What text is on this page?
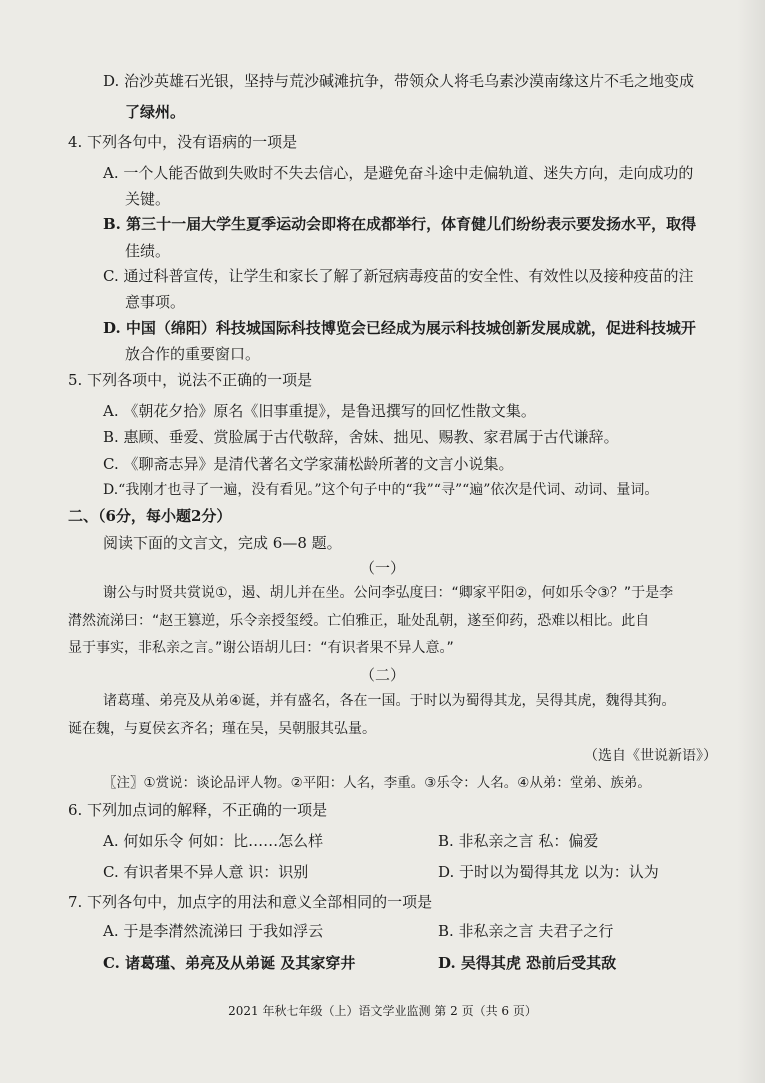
D. 治沙英雄石光银，坚持与荒沙碱滩抗争，带领众人将毛乌素沙漠南缘这片不毛之地变成
了绿州。
4. 下列各句中，没有语病的一项是
A. 一个人能否做到失败时不失去信心，是避免奋斗途中走偏轨道、迷失方向，走向成功的
关键。
B. 第三十一届大学生夏季运动会即将在成都举行，体育健儿们纷纷表示要发扬水平，取得
佳绩。
C. 通过科普宣传，让学生和家长了解了新冠病毒疫苗的安全性、有效性以及接种疫苗的注
意事项。
D. 中国（绵阳）科技城国际科技博览会已经成为展示科技城创新发展成就，促进科技城开
放合作的重要窗口。
5. 下列各项中，说法不正确的一项是
A. 《朝花夕拾》原名《旧事重提》，是鲁迅撰写的回忆性散文集。
B. 惠顾、垂爱、赏脸属于古代敬辞，舍妹、拙见、赐教、家君属于古代谦辞。
C. 《聊斋志异》是清代著名文学家蒲松龄所著的文言小说集。
D.“我刚才也寻了一遍，没有看见。”这个句子中的“我”“寻”“遍”依次是代词、动词、量词。
二、（6分，每小题2分）
阅读下面的文言文，完成 6—8 题。
（一）
谢公与时贤共赏说①，遏、胡儿并在坐。公问李弘度曰：“卿家平阳②，何如乐令③？”于是李
潸然流涕曰：“赵王篡逆，乐令亲授玺绶。亡伯雅正，耻处乱朝，遂至仰药，恐难以相比。此自
显于事实，非私亲之言。”谢公语胡儿曰：“有识者果不异人意。”
（二）
诸葛瑾、弟亮及从弟④诞，并有盛名，各在一国。于时以为蜀得其龙，吴得其虎，魏得其狗。
诞在魏，与夏侯玄齐名；瑾在吴，吴朝服其弘量。
（选自《世说新语》）
〖注〗①赏说：谈论品评人物。②平阳：人名，李重。③乐令：人名。④从弟：堂弟、族弟。
6. 下列加点词的解释，不正确的一项是
A. 何如乐令 何如：比……怎么样	B. 非私亲之言 私：偏爱
C. 有识者果不异人意 识：识别	D. 于时以为蜀得其龙 以为：认为
7. 下列各句中，加点字的用法和意义全部相同的一项是
A. 于是李潸然流涕曰 于我如浮云	B. 非私亲之言 夫君子之行
C. 诸葛瑾、弟亮及从弟诞 及其家穿井	D. 吴得其虎 恐前后受其敌
2021 年秋七年级（上）语文学业监测 第 2 页（共 6 页）
